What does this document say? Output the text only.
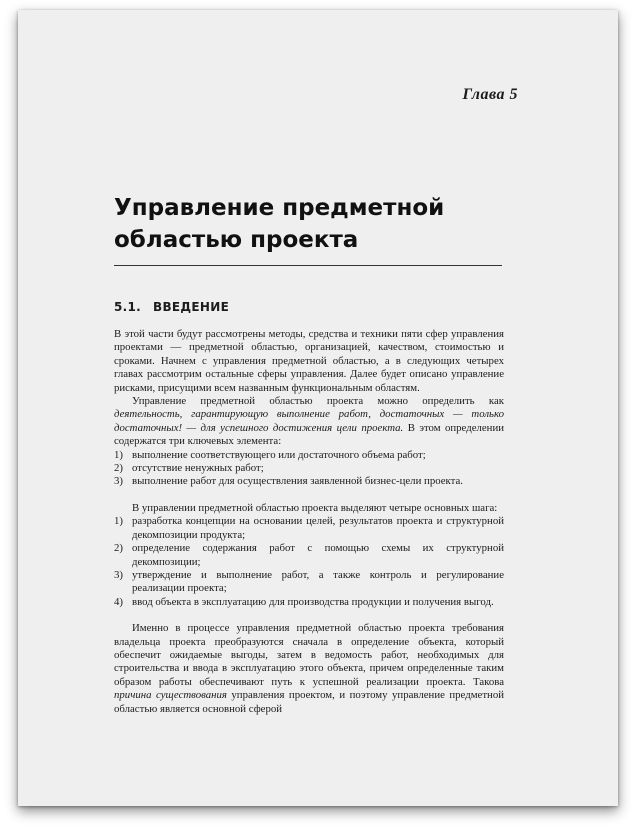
Глава 5
Управление предметной областью проекта
5.1. ВВЕДЕНИЕ

В этой части будут рассмотрены методы, средства и техники пяти сфер управления проектами — предметной областью, организацией, качеством, стоимостью и сроками. Начнем с управления предметной областью, а в следующих четырех главах рассмотрим остальные сферы управления. Далее будет описано управление рисками, присущими всем названным функциональным областям.

Управление предметной областью проекта можно определить как деятельность, гарантирующую выполнение работ, достаточных — только достаточных! — для успешного достижения цели проекта. В этом определении содержатся три ключевых элемента:

1) выполнение соответствующего или достаточного объема работ;
2) отсутствие ненужных работ;
3) выполнение работ для осуществления заявленной бизнес-цели проекта.

В управлении предметной областью проекта выделяют четыре основных шага:

1) разработка концепции на основании целей, результатов проекта и структурной декомпозиции продукта;
2) определение содержания работ с помощью схемы их структурной декомпозиции;
3) утверждение и выполнение работ, а также контроль и регулирование реализации проекта;
4) ввод объекта в эксплуатацию для производства продукции и получения выгод.

Именно в процессе управления предметной областью проекта требования владельца проекта преобразуются сначала в определение объекта, который обеспечит ожидаемые выгоды, затем в ведомость работ, необходимых для строительства и ввода в эксплуатацию этого объекта, причем определенные таким образом работы обеспечивают путь к успешной реализации проекта. Такова причина существования управления проектом, и поэтому управление предметной областью является основной сферой
